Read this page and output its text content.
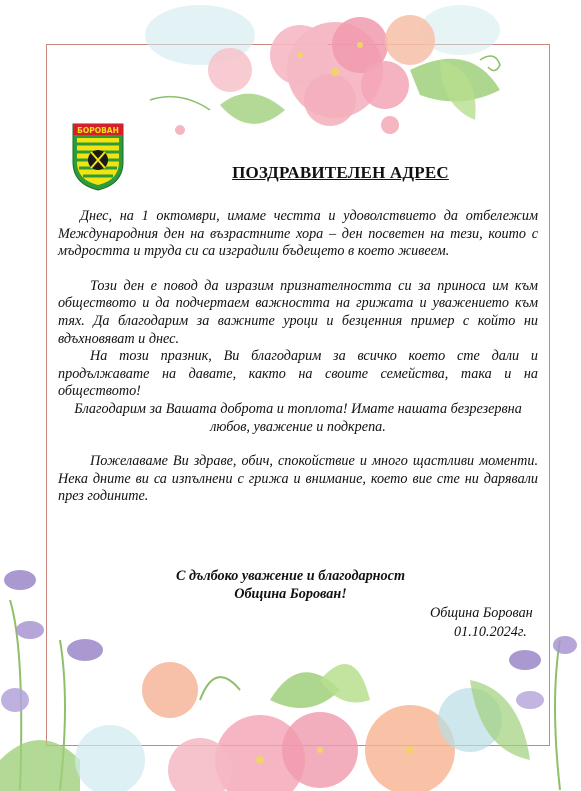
БОРОВАН
ПОЗДРАВИТЕЛЕН АДРЕС

Днес, на 1 октомври, имаме честта и удоволствието да отбележим Международния ден на възрастните хора – ден посветен на тези, които с мъдростта и труда си са изградили бъдещето в което живеем.

Този ден е повод да изразим признателността си за приноса им към обществото и да подчертаем важността на грижата и уважението към тях. Да благодарим за важните уроци и безценния пример с който ни вдъхновяват и днес.

На този празник, Ви благодарим за всичко което сте дали и продължавате на давате, както на своите семейства, така и на обществото!

Благодарим за Вашата доброта и топлота! Имате нашата безрезервна любов, уважение и подкрепа.

Пожелаваме Ви здраве, обич, спокойствие и много щастливи моменти. Нека дните ви са изпълнени с грижа и внимание, което вие сте ни дарявали през годините.

С дълбоко уважение и благодарност
Община Борован!
Община Борован
01.10.2024г.
